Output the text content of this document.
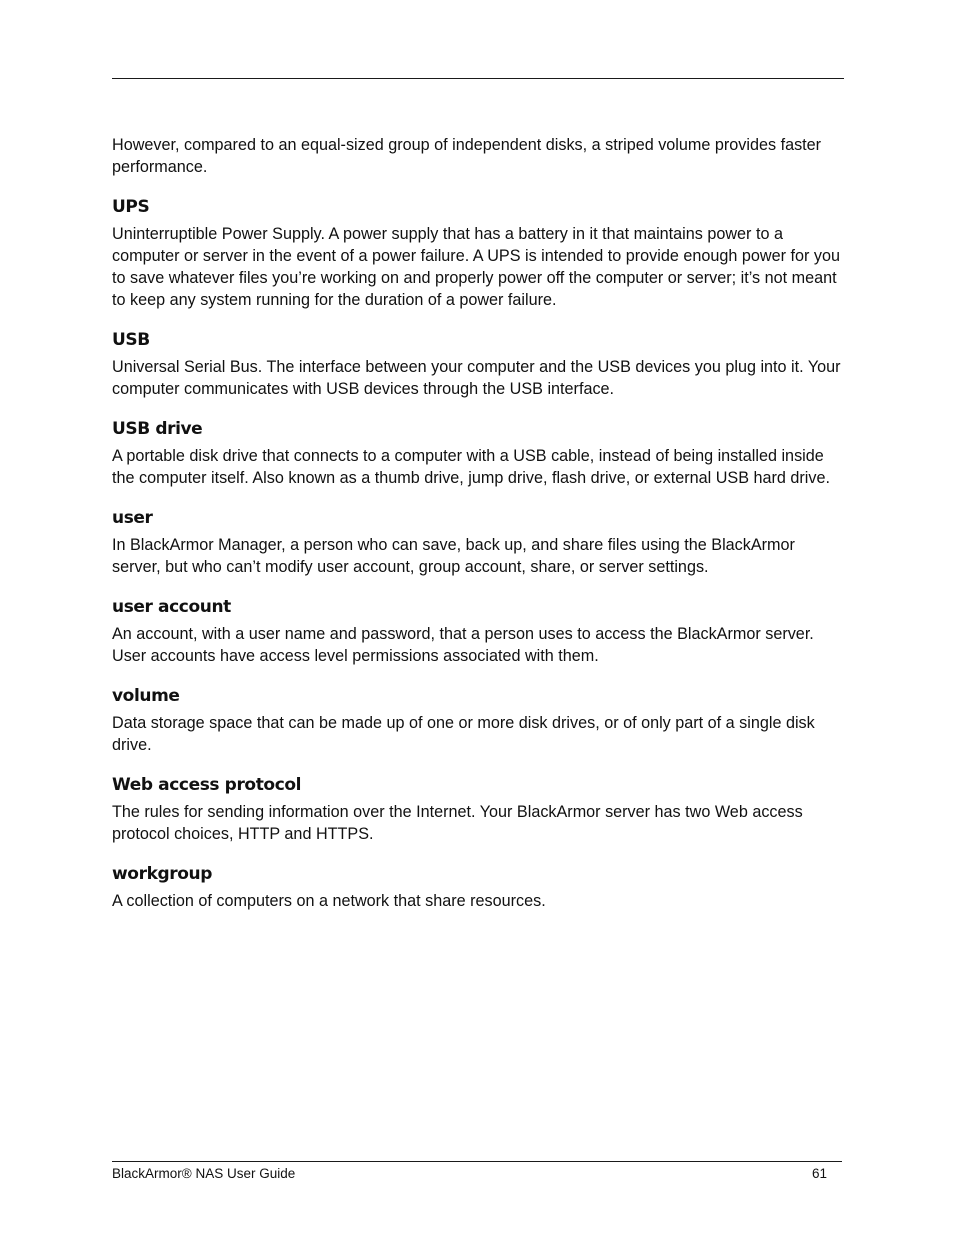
However, compared to an equal-sized group of independent disks, a striped volume provides faster performance.

UPS

Uninterruptible Power Supply. A power supply that has a battery in it that maintains power to a computer or server in the event of a power failure. A UPS is intended to provide enough power for you to save whatever files you’re working on and properly power off the computer or server; it’s not meant to keep any system running for the duration of a power failure.

USB

Universal Serial Bus. The interface between your computer and the USB devices you plug into it. Your computer communicates with USB devices through the USB interface.

USB drive

A portable disk drive that connects to a computer with a USB cable, instead of being installed inside the computer itself. Also known as a thumb drive, jump drive, flash drive, or external USB hard drive.

user

In BlackArmor Manager, a person who can save, back up, and share files using the BlackArmor server, but who can’t modify user account, group account, share, or server settings.

user account

An account, with a user name and password, that a person uses to access the BlackArmor server. User accounts have access level permissions associated with them.

volume

Data storage space that can be made up of one or more disk drives, or of only part of a single disk drive.

Web access protocol

The rules for sending information over the Internet. Your BlackArmor server has two Web access protocol choices, HTTP and HTTPS.

workgroup

A collection of computers on a network that share resources.

BlackArmor® NAS User Guide	61
